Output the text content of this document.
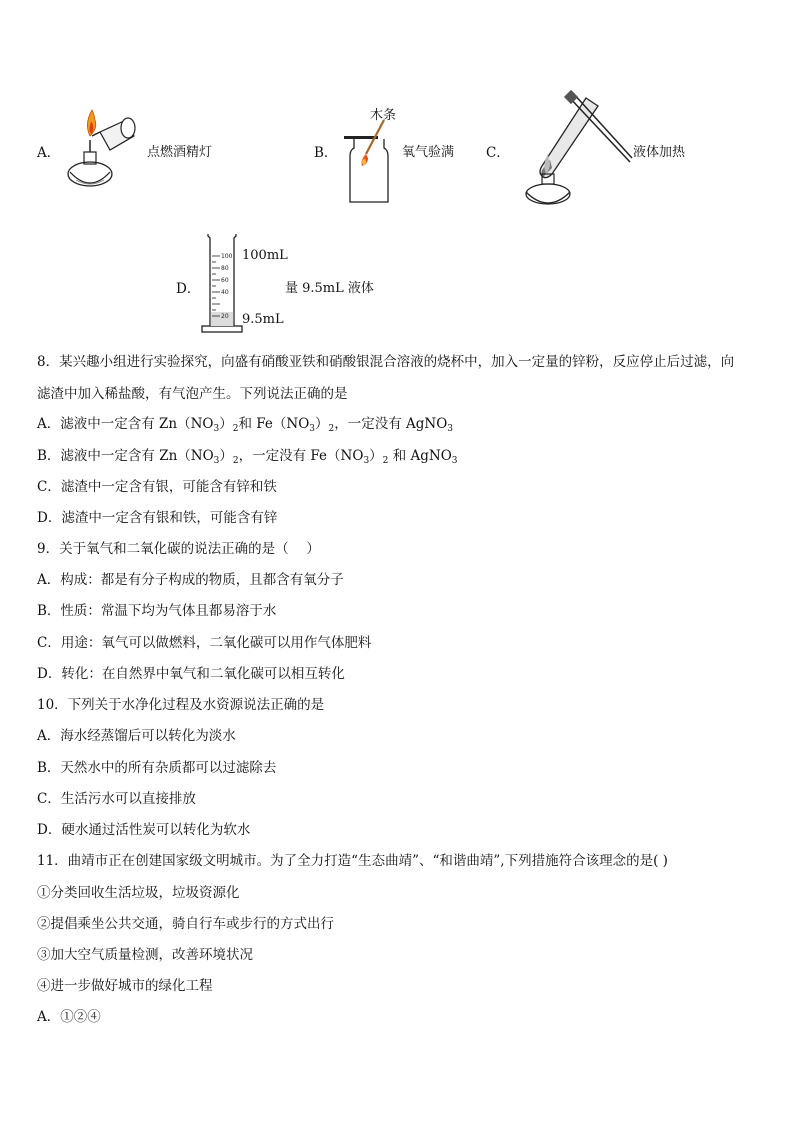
A．	点燃酒精灯	B．
木条
氧气验满 C．	液体加热
D．
100
80
60
40
20
100mL
9.5mL
量 9.5mL 液体
8．某兴趣小组进行实验探究，向盛有硝酸亚铁和硝酸银混合溶液的烧杯中，加入一定量的锌粉，反应停止后过滤，向
滤渣中加入稀盐酸，有气泡产生。下列说法正确的是
A．滤液中一定含有 $Zn(NO_3)_2$和 $Fe(NO_3)_2$，一定没有 AgNO$_3$
B．滤液中一定含有 $Zn(NO_3)_2$，一定没有 $Fe(NO_3)_2$ 和 AgNO$_3$
C．滤渣中一定含有银，可能含有锌和铁
D．滤渣中一定含有银和铁，可能含有锌
9．关于氧气和二氧化碳的说法正确的是（　 ）
A．构成：都是有分子构成的物质，且都含有氧分子
B．性质：常温下均为气体且都易溶于水
C．用途：氧气可以做燃料，二氧化碳可以用作气体肥料
D．转化：在自然界中氧气和二氧化碳可以相互转化
10．下列关于水净化过程及水资源说法正确的是
A．海水经蒸馏后可以转化为淡水
B．天然水中的所有杂质都可以过滤除去
C．生活污水可以直接排放
D．硬水通过活性炭可以转化为软水
11．曲靖市正在创建国家级文明城市。为了全力打造“生态曲靖”、“和谐曲靖”,下列措施符合该理念的是( )
①分类回收生活垃圾，垃圾资源化
②提倡乘坐公共交通，骑自行车或步行的方式出行
③加大空气质量检测，改善环境状况
④进一步做好城市的绿化工程
A．①②④
